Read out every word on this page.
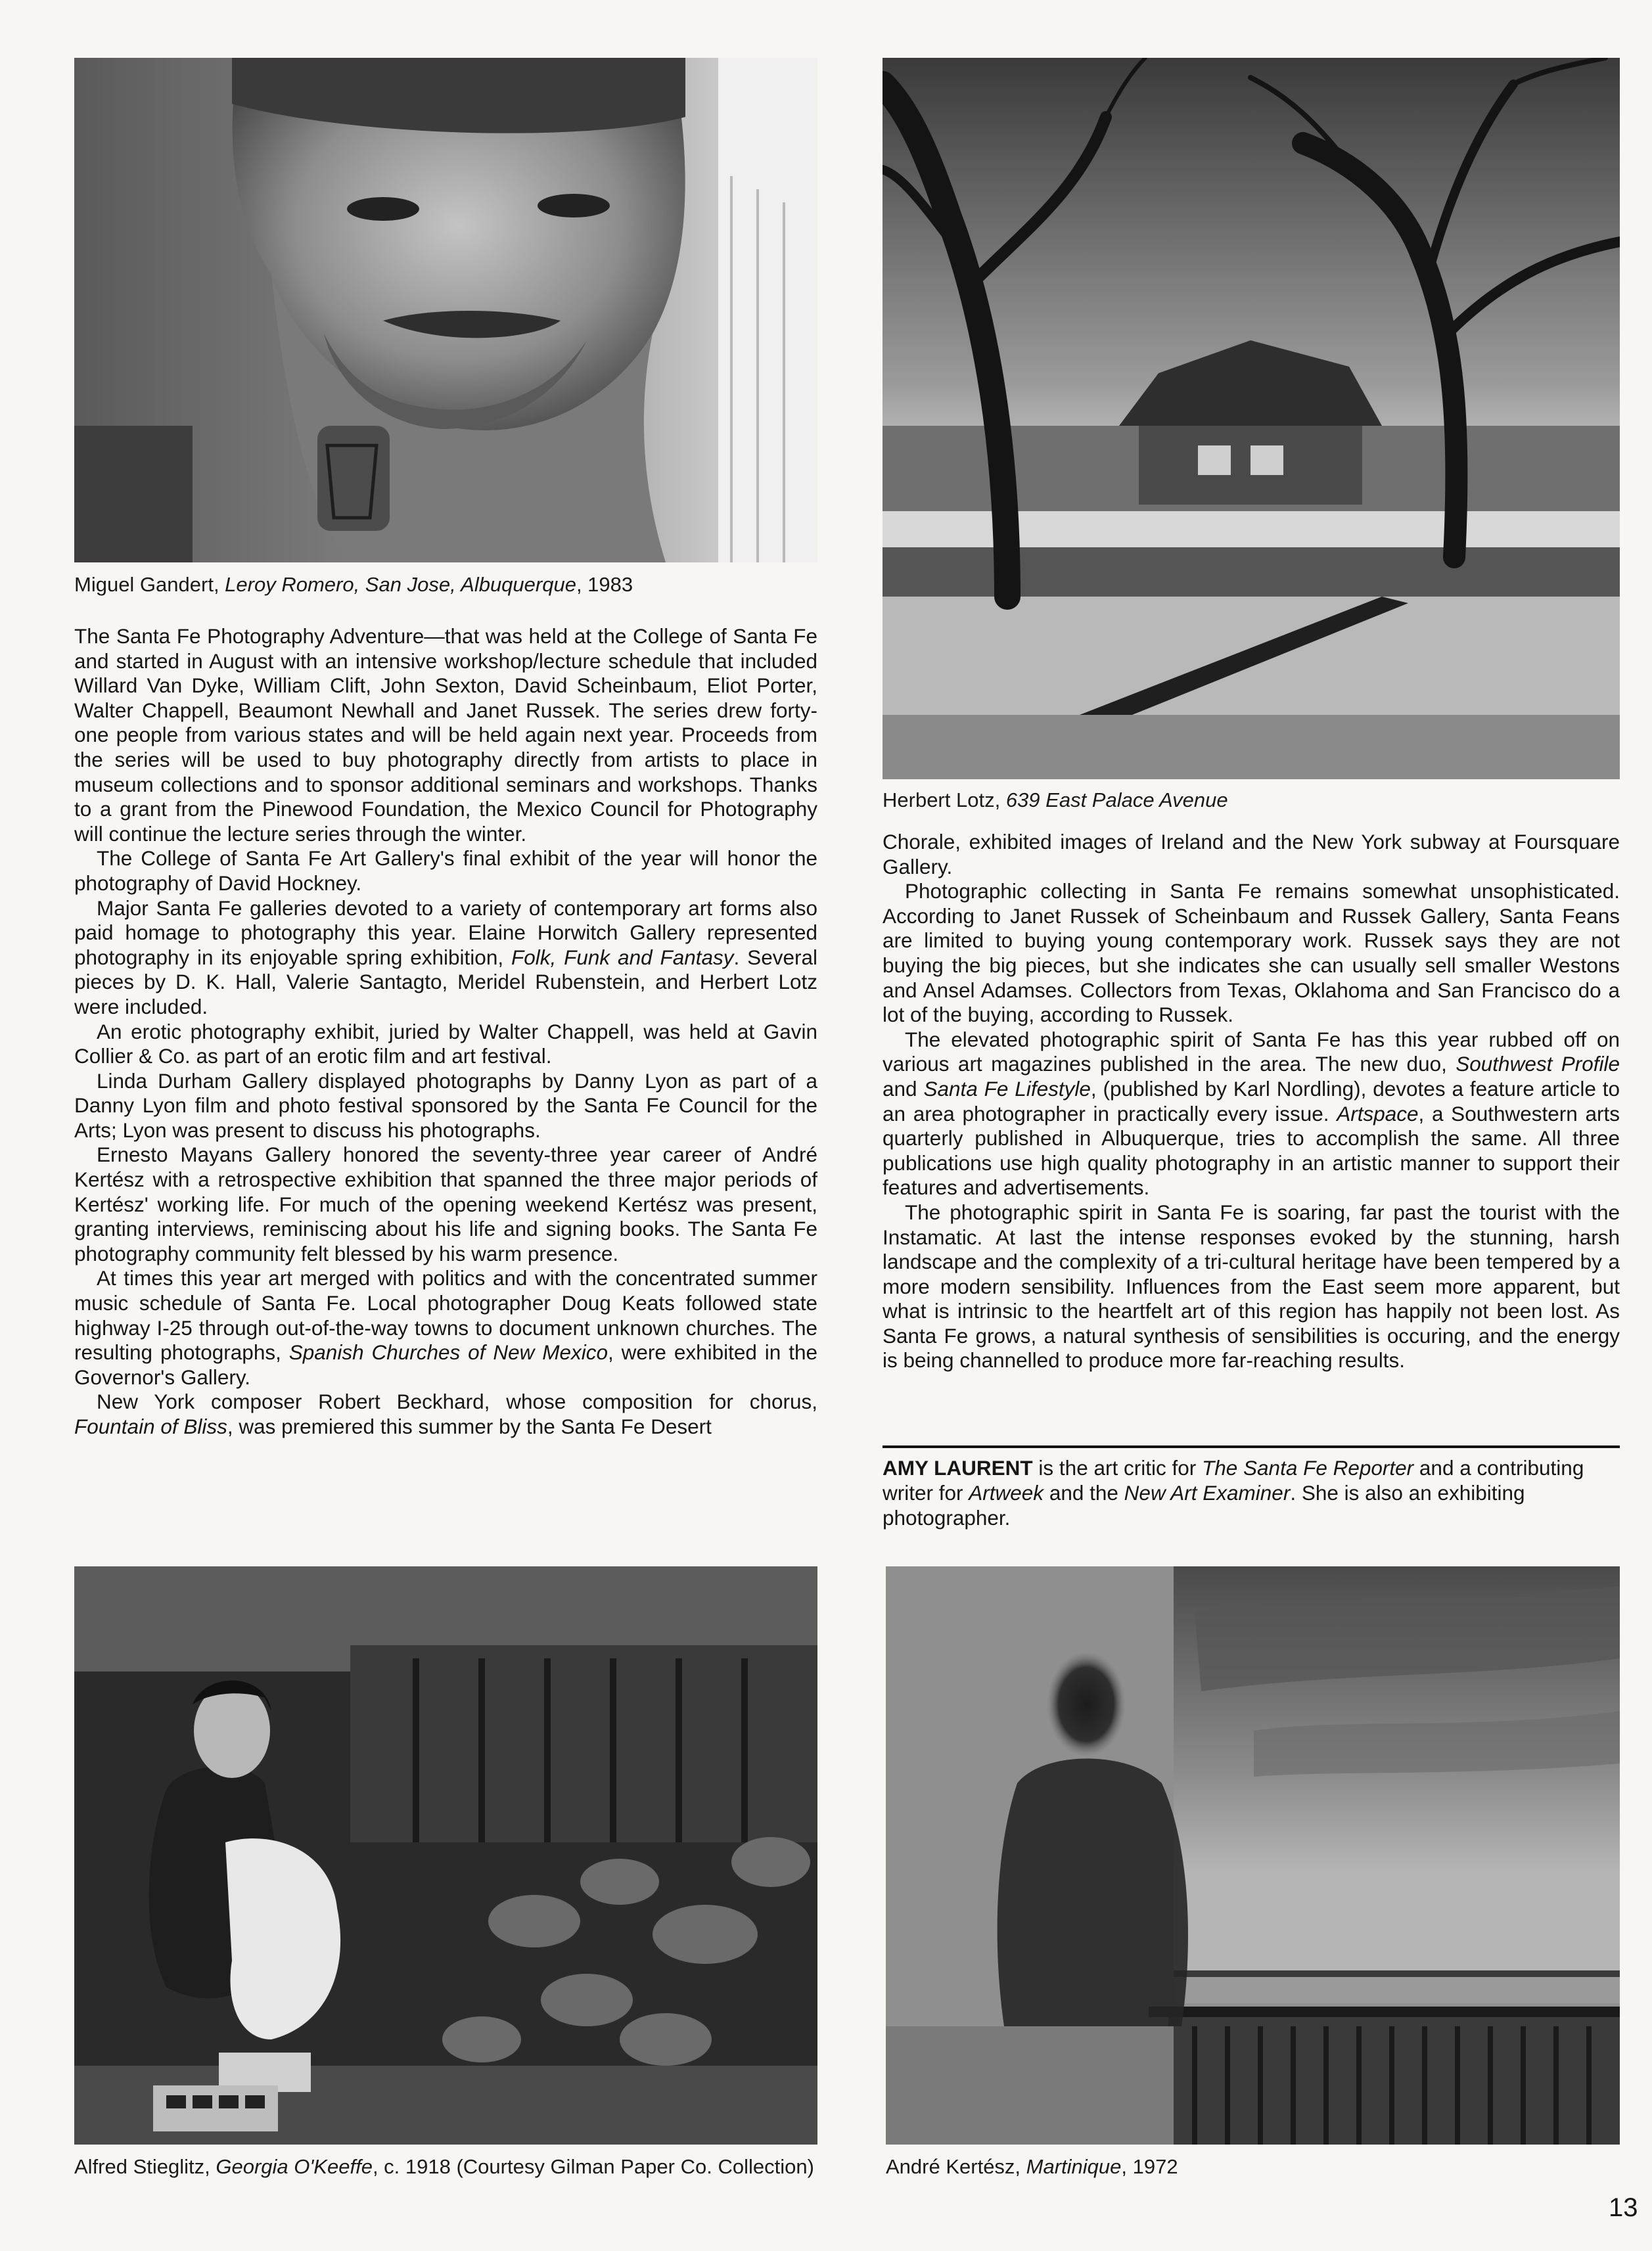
Miguel Gandert, Leroy Romero, San Jose, Albuquerque, 1983
Herbert Lotz, 639 East Palace Avenue
Alfred Stieglitz, Georgia O'Keeffe, c. 1918 (Courtesy Gilman Paper Co. Collection)	André Kertész, Martinique, 1972

The Santa Fe Photography Adventure—that was held at the College of Santa Fe and started in August with an intensive workshop/lecture schedule that included Willard Van Dyke, William Clift, John Sexton, David Scheinbaum, Eliot Porter, Walter Chappell, Beaumont Newhall and Janet Russek. The series drew forty-one people from various states and will be held again next year. Proceeds from the series will be used to buy photography directly from artists to place in museum collections and to sponsor additional seminars and workshops. Thanks to a grant from the Pinewood Foundation, the Mexico Council for Photography will continue the lecture series through the winter.

The College of Santa Fe Art Gallery's final exhibit of the year will honor the photography of David Hockney.

Major Santa Fe galleries devoted to a variety of contemporary art forms also paid homage to photography this year. Elaine Horwitch Gallery represented photography in its enjoyable spring exhibition, Folk, Funk and Fantasy. Several pieces by D. K. Hall, Valerie Santagto, Meridel Rubenstein, and Herbert Lotz were included.

An erotic photography exhibit, juried by Walter Chappell, was held at Gavin Collier & Co. as part of an erotic film and art festival.

Linda Durham Gallery displayed photographs by Danny Lyon as part of a Danny Lyon film and photo festival sponsored by the Santa Fe Council for the Arts; Lyon was present to discuss his photographs.

Ernesto Mayans Gallery honored the seventy-three year career of André Kertész with a retrospective exhibition that spanned the three major periods of Kertész' working life. For much of the opening weekend Kertész was present, granting interviews, reminiscing about his life and signing books. The Santa Fe photography community felt blessed by his warm presence.

At times this year art merged with politics and with the concentrated summer music schedule of Santa Fe. Local photographer Doug Keats followed state highway I-25 through out-of-the-way towns to document unknown churches. The resulting photographs, Spanish Churches of New Mexico, were exhibited in the Governor's Gallery.

New York composer Robert Beckhard, whose composition for chorus, Fountain of Bliss, was premiered this summer by the Santa Fe Desert

Chorale, exhibited images of Ireland and the New York subway at Foursquare Gallery.

Photographic collecting in Santa Fe remains somewhat unsophisticated. According to Janet Russek of Scheinbaum and Russek Gallery, Santa Feans are limited to buying young contemporary work. Russek says they are not buying the big pieces, but she indicates she can usually sell smaller Westons and Ansel Adamses. Collectors from Texas, Oklahoma and San Francisco do a lot of the buying, according to Russek.

The elevated photographic spirit of Santa Fe has this year rubbed off on various art magazines published in the area. The new duo, Southwest Profile and Santa Fe Lifestyle, (published by Karl Nordling), devotes a feature article to an area photographer in practically every issue. Artspace, a Southwestern arts quarterly published in Albuquerque, tries to accomplish the same. All three publications use high quality photography in an artistic manner to support their features and advertisements.

The photographic spirit in Santa Fe is soaring, far past the tourist with the Instamatic. At last the intense responses evoked by the stunning, harsh landscape and the complexity of a tri-cultural heritage have been tempered by a more modern sensibility. Influences from the East seem more apparent, but what is intrinsic to the heartfelt art of this region has happily not been lost. As Santa Fe grows, a natural synthesis of sensibilities is occuring, and the energy is being channelled to produce more far-reaching results.

AMY LAURENT is the art critic for The Santa Fe Reporter and a contributing writer for Artweek and the New Art Examiner. She is also an exhibiting photographer.
13
